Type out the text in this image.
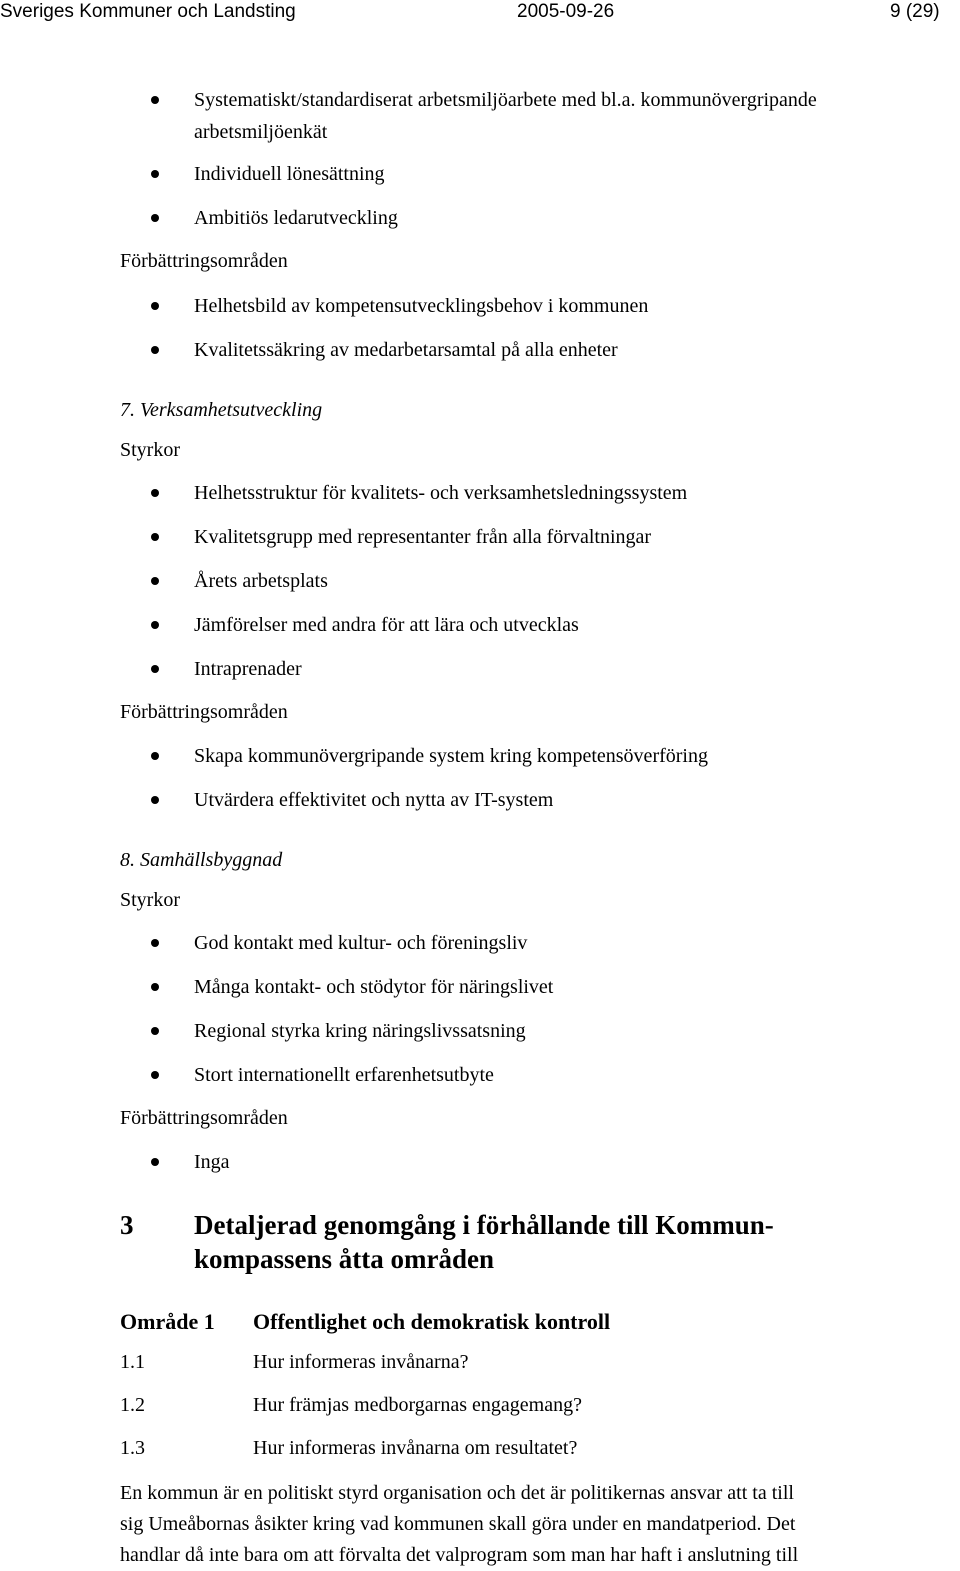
Sveriges Kommuner och Landsting	2005-09-26	9 (29)
Systematiskt/standardiserat arbetsmiljöarbete med bl.a. kommunövergripande
arbetsmiljöenkät
Individuell lönesättning
Ambitiös ledarutveckling
Förbättringsområden
Helhetsbild av kompetensutvecklingsbehov i kommunen
Kvalitetssäkring av medarbetarsamtal på alla enheter
7. Verksamhetsutveckling
Styrkor
Helhetsstruktur för kvalitets- och verksamhetsledningssystem
Kvalitetsgrupp med representanter från alla förvaltningar
Årets arbetsplats
Jämförelser med andra för att lära och utvecklas
Intraprenader
Förbättringsområden
Skapa kommunövergripande system kring kompetensöverföring
Utvärdera effektivitet och nytta av IT-system
8. Samhällsbyggnad
Styrkor
God kontakt med kultur- och föreningsliv
Många kontakt- och stödytor för näringslivet
Regional styrka kring näringslivssatsning
Stort internationellt erfarenhetsutbyte
Förbättringsområden
Inga
3 Detaljerad genomgång i förhållande till Kommun-
kompassens åtta områden
Område 1 Offentlighet och demokratisk kontroll
1.1	Hur informeras invånarna?
1.2	Hur främjas medborgarnas engagemang?
1.3	Hur informeras invånarna om resultatet?
En kommun är en politiskt styrd organisation och det är politikernas ansvar att ta till
sig Umeåbornas åsikter kring vad kommunen skall göra under en mandatperiod. Det
handlar då inte bara om att förvalta det valprogram som man har haft i anslutning till
